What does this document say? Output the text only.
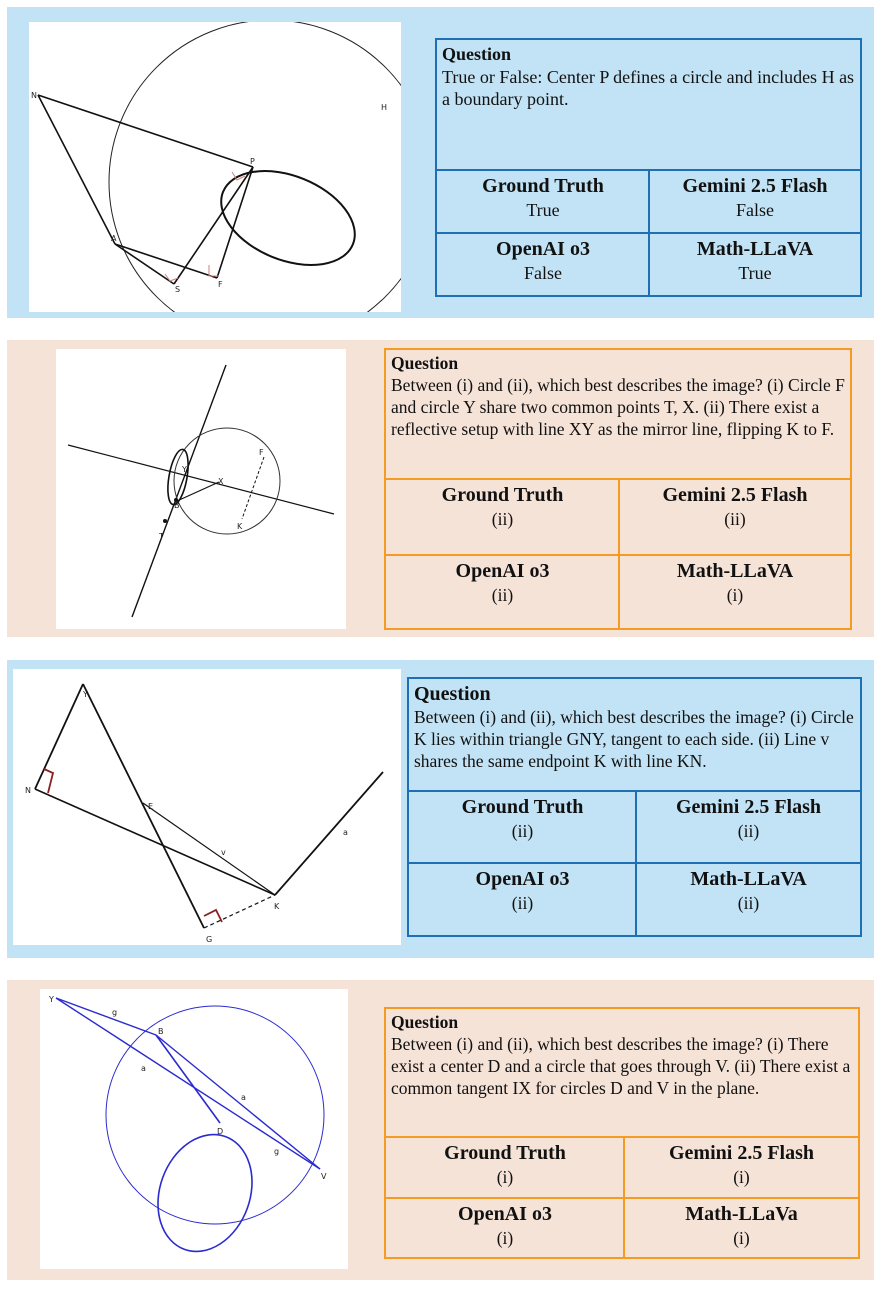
N
H
P
A
S
F
Question
True or False: Center P defines a circle and includes H as a boundary point.
Ground Truth
True
Gemini 2.5 Flash
False
OpenAI o3
False
Math-LLaVA
True
Y
X
F
B
K
T
Question
Between (i) and (ii), which best describes the image? (i) Circle F and circle Y share two common points T, X. (ii) There exist a reflective setup with line XY as the mirror line, flipping K to F.
Ground Truth
(ii)
Gemini 2.5 Flash
(ii)
OpenAI o3
(ii)
Math-LLaVA
(i)
Y
N
E
v
a
K
G
Question
Between (i) and (ii), which best describes the image? (i) Circle K lies within triangle GNY, tangent to each side. (ii) Line v shares the same endpoint K with line KN.
Ground Truth
(ii)
Gemini 2.5 Flash
(ii)
OpenAI o3
(ii)
Math-LLaVA
(ii)
Y
g
B
a
a
D
g
V
Question
Between (i) and (ii), which best describes the image? (i) There exist a center D and a circle that goes through V. (ii) There exist a common tangent IX for circles D and V in the plane.
Ground Truth
(i)
Gemini 2.5 Flash
(i)
OpenAI o3
(i)
Math-LLaVa
(i)
